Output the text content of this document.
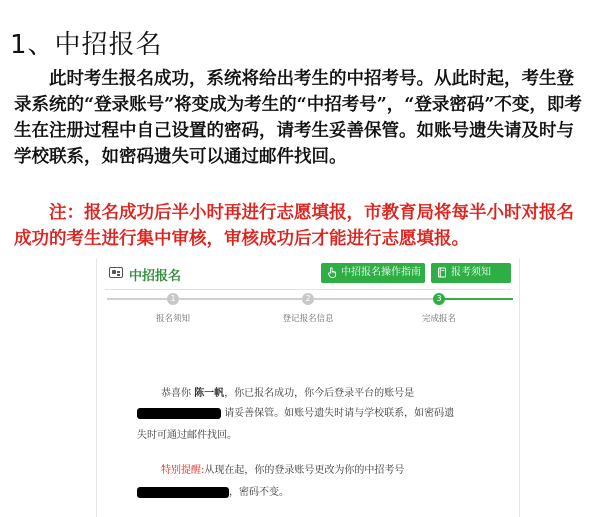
1、中招报名

此时考生报名成功，系统将给出考生的中招考号。从此时起，考生登录系统的“登录账号”将变成为考生的“中招考号”，“登录密码”不变，即考生在注册过程中自己设置的密码，请考生妥善保管。如账号遗失请及时与学校联系，如密码遗失可以通过邮件找回。

注：报名成功后半小时再进行志愿填报，市教育局将每半小时对报名成功的考生进行集中审核，审核成功后才能进行志愿填报。

中招报名	中招报名操作指南	报考须知
1
报名须知
2
登记报名信息
3
完成报名
恭喜你 陈一帆，你已报名成功，你今后登录平台的账号是
请妥善保管。如账号遗失时请与学校联系，如密码遗
失时可通过邮件找回。
特别提醒:从现在起，你的登录账号更改为你的中招考号
，密码不变。
